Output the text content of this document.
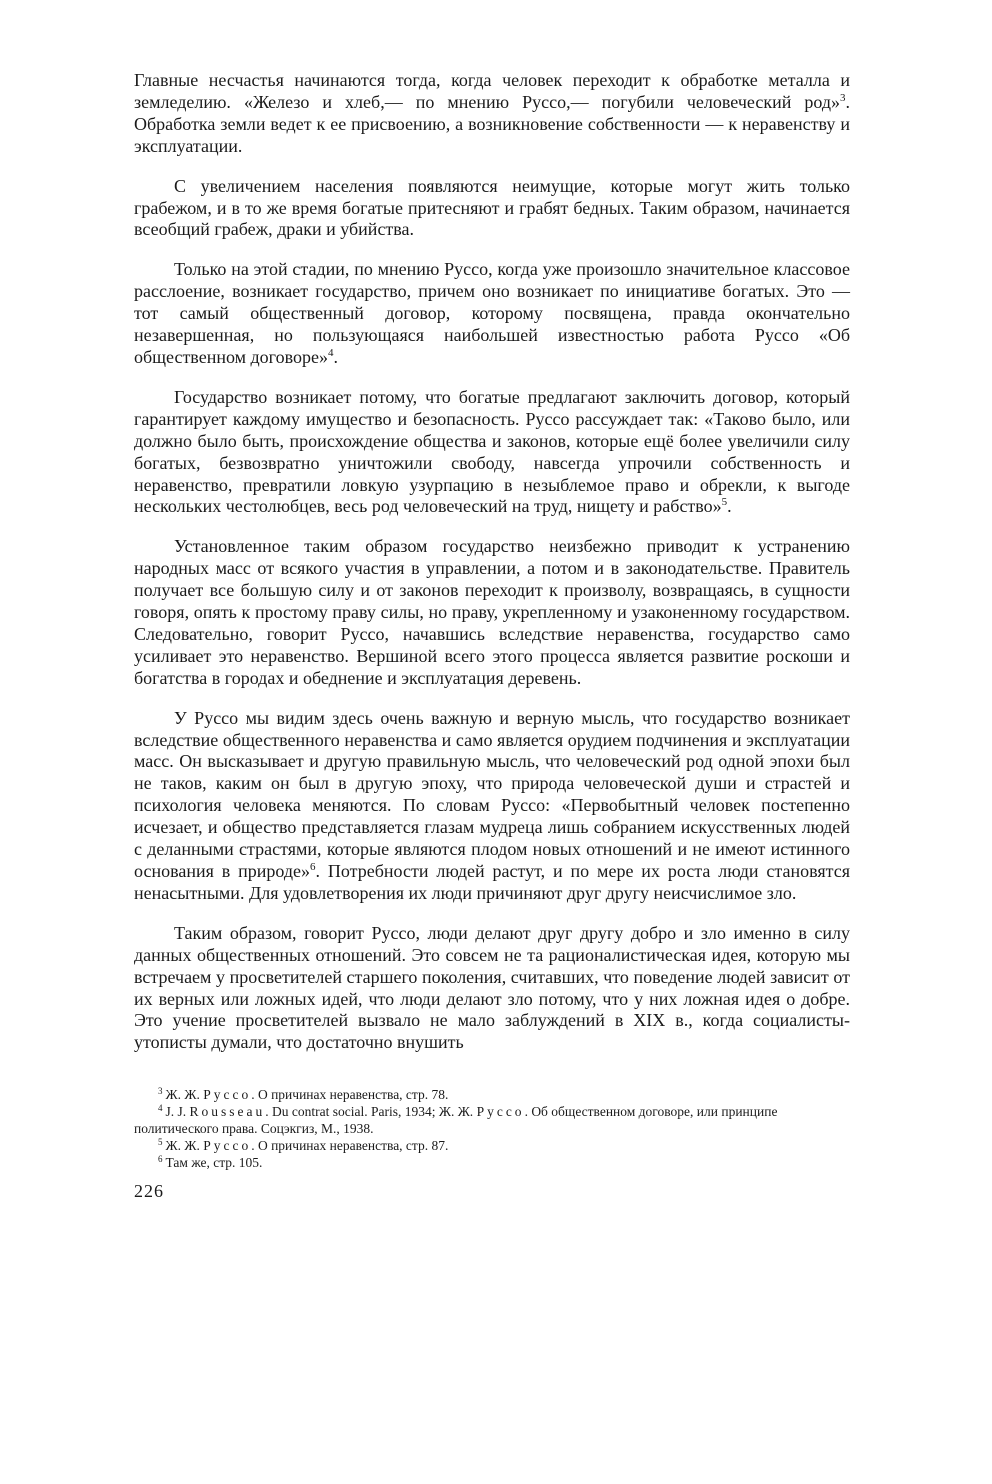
Главные несчастья начинаются тогда, когда человек переходит к обработке металла и земледелию. «Железо и хлеб,— по мнению Руссо,— погубили человеческий род»$^3$. Обработка земли ведет к ее присвоению, а возникновение собственности — к неравенству и эксплуатации.

С увеличением населения появляются неимущие, которые могут жить только грабежом, и в то же время богатые притесняют и грабят бедных. Таким образом, начинается всеобщий грабеж, драки и убийства.

Только на этой стадии, по мнению Руссо, когда уже произошло значительное классовое расслоение, возникает государство, причем оно возникает по инициативе богатых. Это — тот самый общественный договор, которому посвящена, правда окончательно незавершенная, но пользующаяся наибольшей известностью работа Руссо «Об общественном договоре»$^4$.

Государство возникает потому, что богатые предлагают заключить договор, который гарантирует каждому имущество и безопасность. Руссо рассуждает так: «Таково было, или должно было быть, происхождение общества и законов, которые ещё более увеличили силу богатых, безвозвратно уничтожили свободу, навсегда упрочили собственность и неравенство, превратили ловкую узурпацию в незыблемое право и обрекли, к выгоде нескольких честолюбцев, весь род человеческий на труд, нищету и рабство»$^5$.

Установленное таким образом государство неизбежно приводит к устранению народных масс от всякого участия в управлении, а потом и в законодательстве. Правитель получает все большую силу и от законов переходит к произволу, возвращаясь, в сущности говоря, опять к простому праву силы, но праву, укрепленному и узаконенному государством. Следовательно, говорит Руссо, начавшись вследствие неравенства, государство само усиливает это неравенство. Вершиной всего этого процесса является развитие роскоши и богатства в городах и обеднение и эксплуатация деревень.

У Руссо мы видим здесь очень важную и верную мысль, что государство возникает вследствие общественного неравенства и само является орудием подчинения и эксплуатации масс. Он высказывает и другую правильную мысль, что человеческий род одной эпохи был не таков, каким он был в другую эпоху, что природа человеческой души и страстей и психология человека меняются. По словам Руссо: «Первобытный человек постепенно исчезает, и общество представляется глазам мудреца лишь собранием искусственных людей с деланными страстями, которые являются плодом новых отношений и не имеют истинного основания в природе»$^6$. Потребности людей растут, и по мере их роста люди становятся ненасытными. Для удовлетворения их люди причиняют друг другу неисчислимое зло.

Таким образом, говорит Руссо, люди делают друг другу добро и зло именно в силу данных общественных отношений. Это совсем не та рационалистическая идея, которую мы встречаем у просветителей старшего поколения, считавших, что поведение людей зависит от их верных или ложных идей, что люди делают зло потому, что у них ложная идея о добре. Это учение просветителей вызвало не мало заблуждений в XIX в., когда социалисты-утописты думали, что достаточно внушить

$^3$ Ж. Ж. Руссо. О причинах неравенства, стр. 78.

$^4$ J. J. Rousseau. Du contrat social. Paris, 1934; Ж. Ж. Руссо. Об общественном договоре, или принципе политического права. Соцэкгиз, М., 1938.

$^5$ Ж. Ж. Руссо. О причинах неравенства, стр. 87.

$^6$ Там же, стр. 105.

226
